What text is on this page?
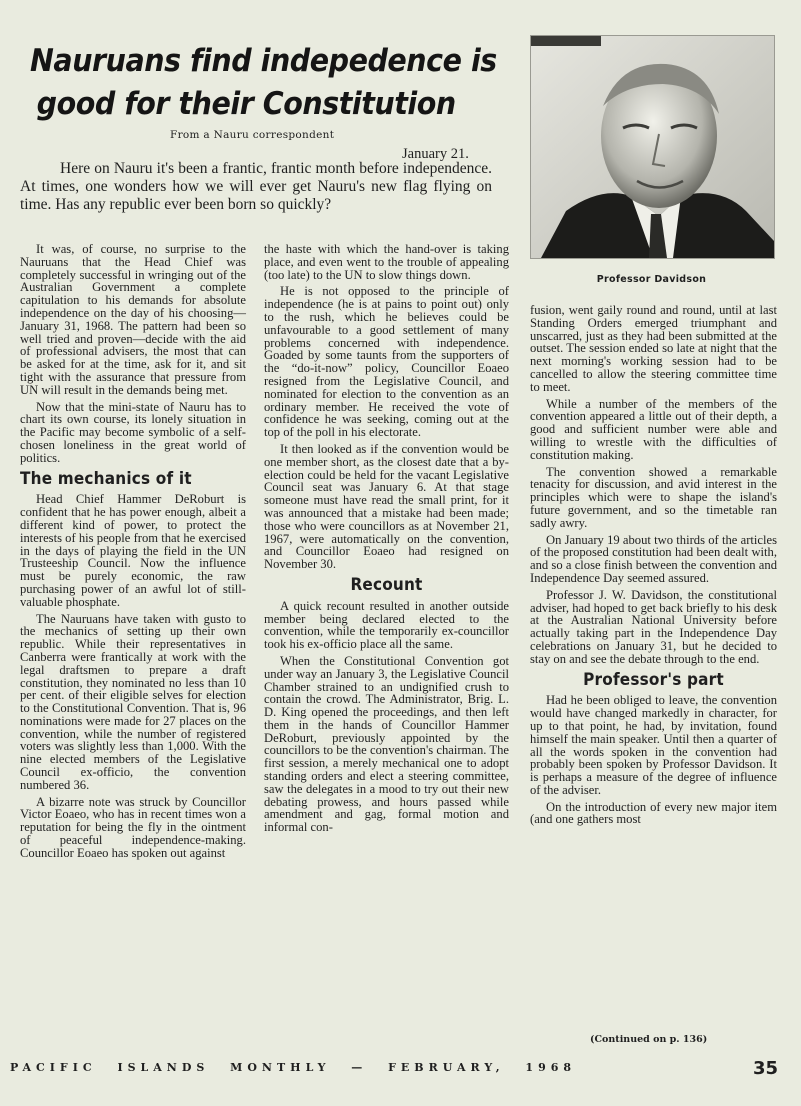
Nauruans find indepedence is
good for their Constitution
From a Nauru correspondent
January 21.

Here on Nauru it's been a frantic, frantic month before independence. At times, one wonders how we will ever get Nauru's new flag flying on time. Has any republic ever been born so quickly?

Professor Davidson

It was, of course, no surprise to the Nauruans that the Head Chief was completely successful in wringing out of the Australian Government a complete capitulation to his demands for absolute independence on the day of his choosing—January 31, 1968. The pattern had been so well tried and proven—decide with the aid of professional advisers, the most that can be asked for at the time, ask for it, and sit tight with the assurance that pressure from UN will result in the demands being met.

Now that the mini-state of Nauru has to chart its own course, its lonely situation in the Pacific may become symbolic of a self-chosen loneliness in the great world of politics.

The mechanics of it

Head Chief Hammer DeRoburt is confident that he has power enough, albeit a different kind of power, to protect the interests of his people from that he exercised in the days of playing the field in the UN Trusteeship Council. Now the influence must be purely economic, the raw purchasing power of an awful lot of still-valuable phosphate.

The Nauruans have taken with gusto to the mechanics of setting up their own republic. While their representatives in Canberra were frantically at work with the legal draftsmen to prepare a draft constitution, they nominated no less than 10 per cent. of their eligible selves for election to the Constitutional Convention. That is, 96 nominations were made for 27 places on the convention, while the number of registered voters was slightly less than 1,000. With the nine elected members of the Legislative Council ex-officio, the convention numbered 36.

A bizarre note was struck by Councillor Victor Eoaeo, who has in recent times won a reputation for being the fly in the ointment of peaceful independence-making. Councillor Eoaeo has spoken out against

the haste with which the hand-over is taking place, and even went to the trouble of appealing (too late) to the UN to slow things down.

He is not opposed to the principle of independence (he is at pains to point out) only to the rush, which he believes could be unfavourable to a good settlement of many problems concerned with independence. Goaded by some taunts from the supporters of the “do-it-now” policy, Councillor Eoaeo resigned from the Legislative Council, and nominated for election to the convention as an ordinary member. He received the vote of confidence he was seeking, coming out at the top of the poll in his electorate.

It then looked as if the convention would be one member short, as the closest date that a by-election could be held for the vacant Legislative Council seat was January 6. At that stage someone must have read the small print, for it was announced that a mistake had been made; those who were councillors as at November 21, 1967, were automatically on the convention, and Councillor Eoaeo had resigned on November 30.

Recount

A quick recount resulted in another outside member being declared elected to the convention, while the temporarily ex-councillor took his ex-officio place all the same.

When the Constitutional Convention got under way an January 3, the Legislative Council Chamber strained to an undignified crush to contain the crowd. The Administrator, Brig. L. D. King opened the proceedings, and then left them in the hands of Councillor Hammer DeRoburt, previously appointed by the councillors to be the convention's chairman. The first session, a merely mechanical one to adopt standing orders and elect a steering committee, saw the delegates in a mood to try out their new debating prowess, and hours passed while amendment and gag, formal motion and informal con-

fusion, went gaily round and round, until at last Standing Orders emerged triumphant and unscarred, just as they had been submitted at the outset. The session ended so late at night that the next morning's working session had to be cancelled to allow the steering committee time to meet.

While a number of the members of the convention appeared a little out of their depth, a good and sufficient number were able and willing to wrestle with the difficulties of constitution making.

The convention showed a remarkable tenacity for discussion, and avid interest in the principles which were to shape the island's future government, and so the timetable ran sadly awry.

On January 19 about two thirds of the articles of the proposed constitution had been dealt with, and so a close finish between the convention and Independence Day seemed assured.

Professor J. W. Davidson, the constitutional adviser, had hoped to get back briefly to his desk at the Australian National University before actually taking part in the Independence Day celebrations on January 31, but he decided to stay on and see the debate through to the end.

Professor's part

Had he been obliged to leave, the convention would have changed markedly in character, for up to that point, he had, by invitation, found himself the main speaker. Until then a quarter of all the words spoken in the convention had probably been spoken by Professor Davidson. It is perhaps a measure of the degree of influence of the adviser.

On the introduction of every new major item (and one gathers most

(Continued on p. 136)
PACIFIC ISLANDS MONTHLY — FEBRUARY, 1968	35
